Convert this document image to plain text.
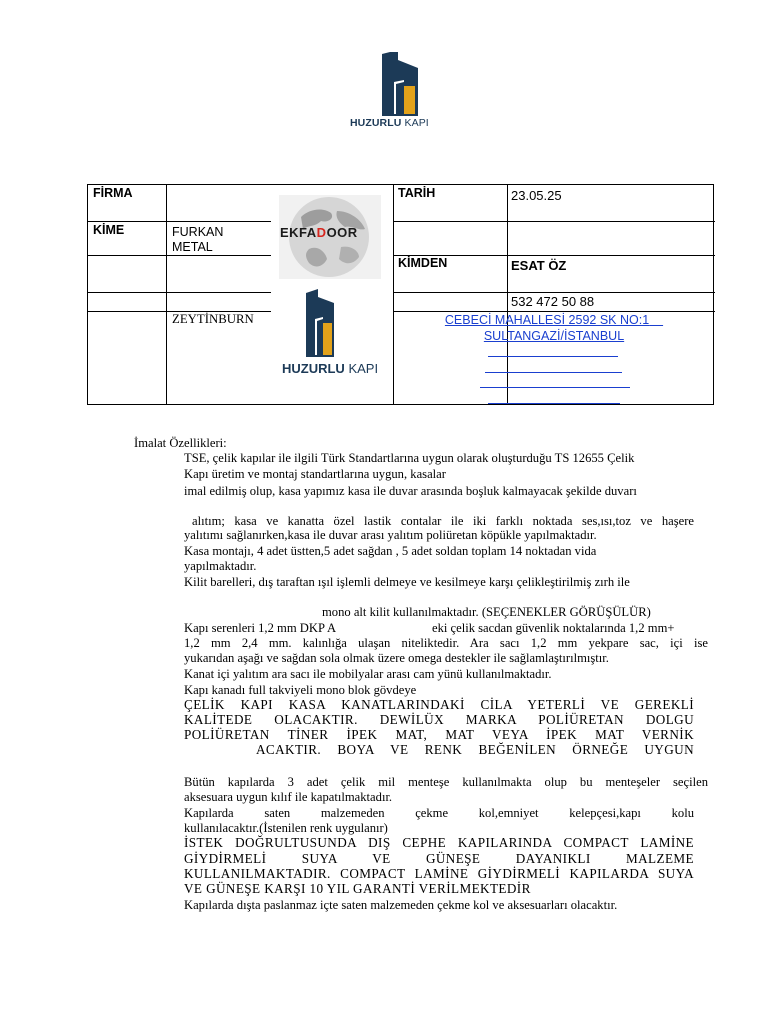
HUZURLU KAPI
FİRMA
KİME	FURKAN
METAL
ZEYTİNBURN
TARİH	23.05.25
KİMDEN	ESAT ÖZ
532 472 50 88
CEBECİ MAHALLESİ 2592 SK NO:1
SULTANGAZİ/İSTANBUL
EKFADOOR
HUZURLU KAPI
İmalat Özellikleri:
TSE, çelik kapılar ile ilgili Türk Standartlarına uygun olarak oluşturduğu TS 12655 Çelik
Kapı üretim ve montaj standartlarına uygun, kasalar
imal edilmiş olup, kasa yapımız kasa ile duvar arasında boşluk kalmayacak şekilde duvarı
alıtım; kasa ve kanatta özel lastik contalar ile iki farklı noktada ses,ısı,toz ve haşere
yalıtımı sağlanırken,kasa ile duvar arası yalıtım poliüretan köpükle yapılmaktadır.
Kasa montajı, 4 adet üstten,5 adet sağdan , 5 adet soldan toplam 14 noktadan vida
yapılmaktadır.
Kilit barelleri, dış taraftan ışıl işlemli delmeye ve kesilmeye karşı çelikleştirilmiş zırh ile
mono alt kilit kullanılmaktadır. (SEÇENEKLER GÖRÜŞÜLÜR)
Kapı serenleri 1,2 mm DKP A	eki çelik sacdan güvenlik noktalarında 1,2 mm+
1,2 mm 2,4 mm. kalınlığa ulaşan niteliktedir. Ara sacı 1,2 mm yekpare sac, içi ise
yukarıdan aşağı ve sağdan sola olmak üzere omega destekler ile sağlamlaştırılmıştır.
Kanat içi yalıtım ara sacı ile mobilyalar arası cam yünü kullanılmaktadır.
Kapı kanadı full takviyeli mono blok gövdeye
ÇELİK KAPI KASA KANATLARINDAKİ CİLA YETERLİ VE GEREKLİ
KALİTEDE OLACAKTIR. DEWİLÜX MARKA POLİÜRETAN DOLGU
POLİÜRETAN TİNER İPEK MAT, MAT VEYA İPEK MAT VERNİK
ACAKTIR. BOYA VE RENK BEĞENİLEN ÖRNEĞE UYGUN
Bütün kapılarda 3 adet çelik mil menteşe kullanılmakta olup bu menteşeler seçilen
aksesuara uygun kılıf ile kapatılmaktadır.
Kapılarda saten malzemeden çekme kol,emniyet kelepçesi,kapı kolu
kullanılacaktır.(İstenilen renk uygulanır)
İSTEK DOĞRULTUSUNDA DIŞ CEPHE KAPILARINDA COMPACT LAMİNE
GİYDİRMELİ SUYA VE GÜNEŞE DAYANIKLI MALZEME
KULLANILMAKTADIR. COMPACT LAMİNE GİYDİRMELİ KAPILARDA SUYA
VE GÜNEŞE KARŞI 10 YIL GARANTİ VERİLMEKTEDİR
Kapılarda dışta paslanmaz içte saten malzemeden çekme kol ve aksesuarları olacaktır.
